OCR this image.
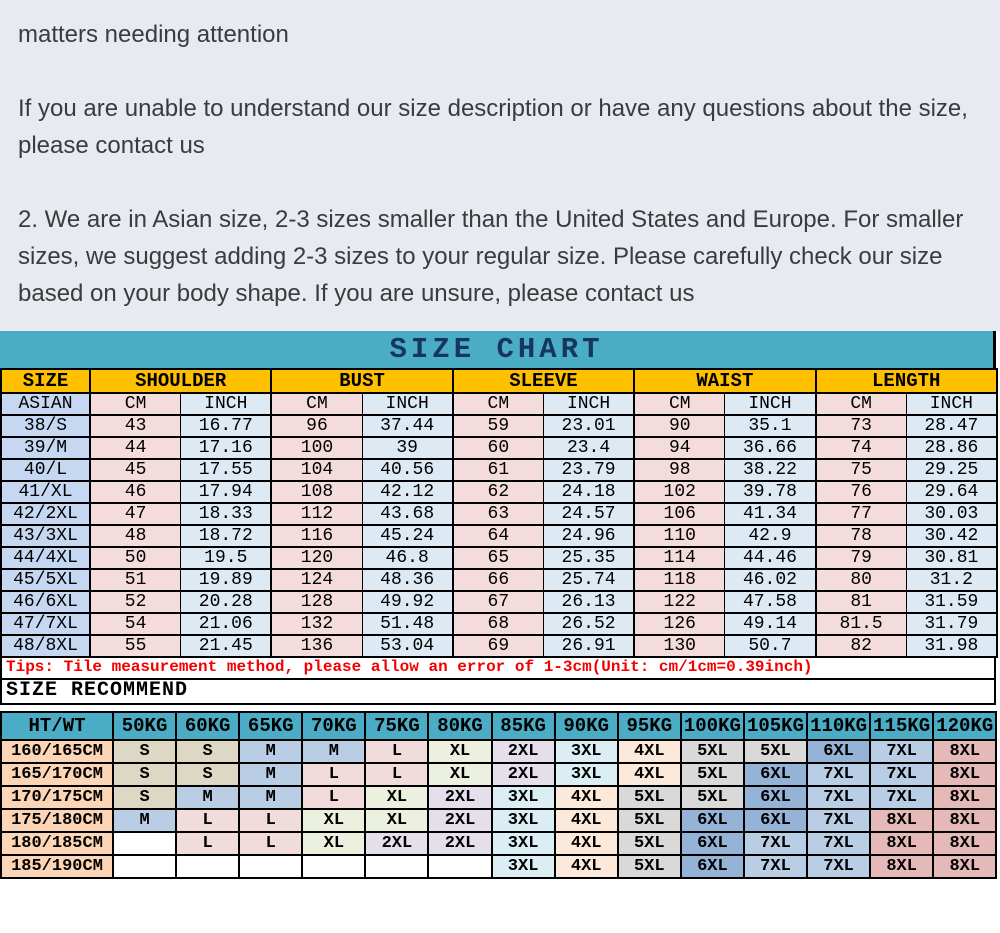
matters needing attention

If you are unable to understand our size description or have any questions about the size, please contact us

2. We are in Asian size, 2-3 sizes smaller than the United States and Europe. For smaller sizes, we suggest adding 2-3 sizes to your regular size. Please carefully check our size based on your body shape. If you are unsure, please contact us

SIZE CHART
SIZE	SHOULDER		BUST		SLEEVE		WAIST		LENGTH	
ASIAN	CM	INCH	CM	INCH	CM	INCH	CM	INCH	CM	INCH
38/S	43	16.77	96	37.44	59	23.01	90	35.1	73	28.47
39/M	44	17.16	100	39	60	23.4	94	36.66	74	28.86
40/L	45	17.55	104	40.56	61	23.79	98	38.22	75	29.25
41/XL	46	17.94	108	42.12	62	24.18	102	39.78	76	29.64
42/2XL	47	18.33	112	43.68	63	24.57	106	41.34	77	30.03
43/3XL	48	18.72	116	45.24	64	24.96	110	42.9	78	30.42
44/4XL	50	19.5	120	46.8	65	25.35	114	44.46	79	30.81
45/5XL	51	19.89	124	48.36	66	25.74	118	46.02	80	31.2
46/6XL	52	20.28	128	49.92	67	26.13	122	47.58	81	31.59
47/7XL	54	21.06	132	51.48	68	26.52	126	49.14	81.5	31.79
48/8XL	55	21.45	136	53.04	69	26.91	130	50.7	82	31.98
Tips: Tile measurement method, please allow an error of 1-3cm(Unit: cm/1cm=0.39inch)
SIZE RECOMMEND
HT/WT	50KG	60KG	65KG	70KG	75KG	80KG	85KG	90KG	95KG	100KG	105KG	110KG	115KG	120KG
160/165CM	S	S	M	M	L	XL	2XL	3XL	4XL	5XL	5XL	6XL	7XL	8XL
165/170CM	S	S	M	L	L	XL	2XL	3XL	4XL	5XL	6XL	7XL	7XL	8XL
170/175CM	S	M	M	L	XL	2XL	3XL	4XL	5XL	5XL	6XL	7XL	7XL	8XL
175/180CM	M	L	L	XL	XL	2XL	3XL	4XL	5XL	6XL	6XL	7XL	8XL	8XL
180/185CM		L	L	XL	2XL	2XL	3XL	4XL	5XL	6XL	7XL	7XL	8XL	8XL
185/190CM							3XL	4XL	5XL	6XL	7XL	7XL	8XL	8XL
